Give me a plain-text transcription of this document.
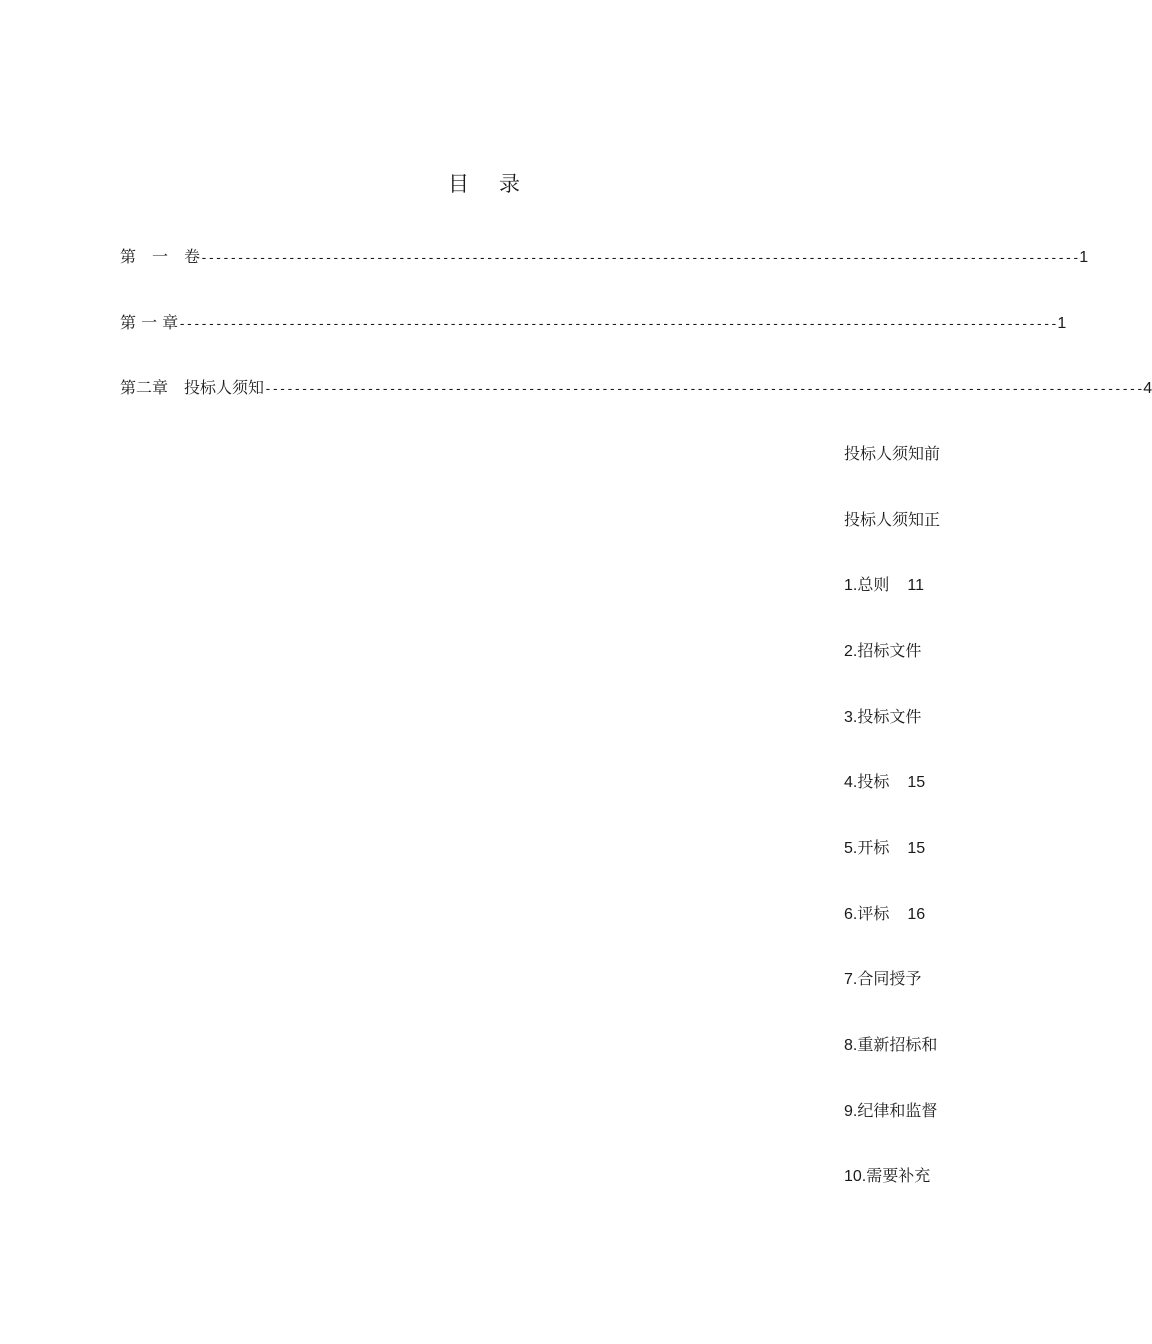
目 录
第　一　卷 ------------------------------------------------------------------------------------------------------------------------ 1
第 一 章 ------------------------------------------------------------------------------------------------------------------------ 1
第二章　投标人须知 ------------------------------------------------------------------------------------------------------------------------ 4
投标人须知前
投标人须知正
1.总则 11
2.招标文件
3.投标文件
4.投标 15
5.开标 15
6.评标 16
7.合同授予
8.重新招标和
9.纪律和监督
10.需要补充
